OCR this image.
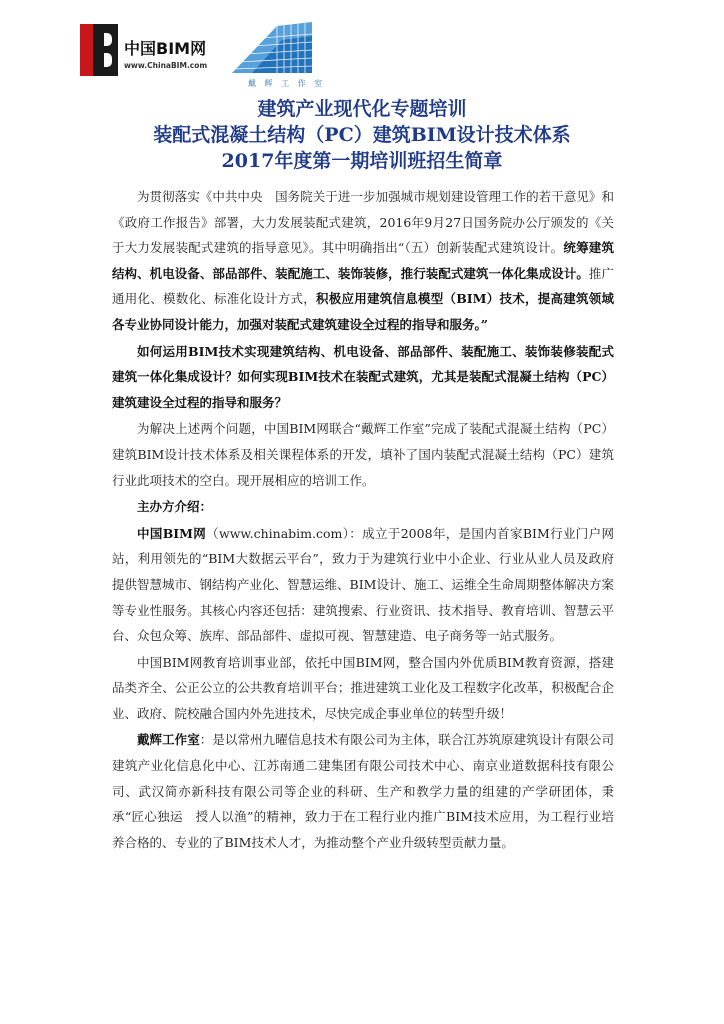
中国BIM网
www.ChinaBIM.com
戴 辉 工 作 室
建筑产业现代化专题培训
装配式混凝土结构（PC）建筑BIM设计技术体系
2017年度第一期培训班招生简章

为贯彻落实《中共中央　国务院关于进一步加强城市规划建设管理工作的若干意见》和《政府工作报告》部署，大力发展装配式建筑，2016年9月27日国务院办公厅颁发的《关于大力发展装配式建筑的指导意见》。其中明确指出“（五）创新装配式建筑设计。统筹建筑结构、机电设备、部品部件、装配施工、装饰装修，推行装配式建筑一体化集成设计。推广通用化、模数化、标准化设计方式，积极应用建筑信息模型（BIM）技术，提高建筑领域各专业协同设计能力，加强对装配式建筑建设全过程的指导和服务。”

如何运用BIM技术实现建筑结构、机电设备、部品部件、装配施工、装饰装修装配式建筑一体化集成设计？如何实现BIM技术在装配式建筑，尤其是装配式混凝土结构（PC）建筑建设全过程的指导和服务？

为解决上述两个问题，中国BIM网联合“戴辉工作室”完成了装配式混凝土结构（PC）建筑BIM设计技术体系及相关课程体系的开发，填补了国内装配式混凝土结构（PC）建筑行业此项技术的空白。现开展相应的培训工作。

主办方介绍：

中国BIM网（www.chinabim.com）：成立于2008年，是国内首家BIM行业门户网站，利用领先的“BIM大数据云平台”，致力于为建筑行业中小企业、行业从业人员及政府提供智慧城市、钢结构产业化、智慧运维、BIM设计、施工、运维全生命周期整体解决方案等专业性服务。其核心内容还包括：建筑搜索、行业资讯、技术指导、教育培训、智慧云平台、众包众筹、族库、部品部件、虚拟可视、智慧建造、电子商务等一站式服务。

中国BIM网教育培训事业部，依托中国BIM网，整合国内外优质BIM教育资源，搭建品类齐全、公正公立的公共教育培训平台；推进建筑工业化及工程数字化改革，积极配合企业、政府、院校融合国内外先进技术，尽快完成企事业单位的转型升级！

戴辉工作室：是以常州九曜信息技术有限公司为主体，联合江苏筑原建筑设计有限公司建筑产业化信息化中心、江苏南通二建集团有限公司技术中心、南京业道数据科技有限公司、武汉简亦新科技有限公司等企业的科研、生产和教学力量的组建的产学研团体，秉承“匠心独运　授人以渔”的精神，致力于在工程行业内推广BIM技术应用，为工程行业培养合格的、专业的了BIM技术人才，为推动整个产业升级转型贡献力量。
